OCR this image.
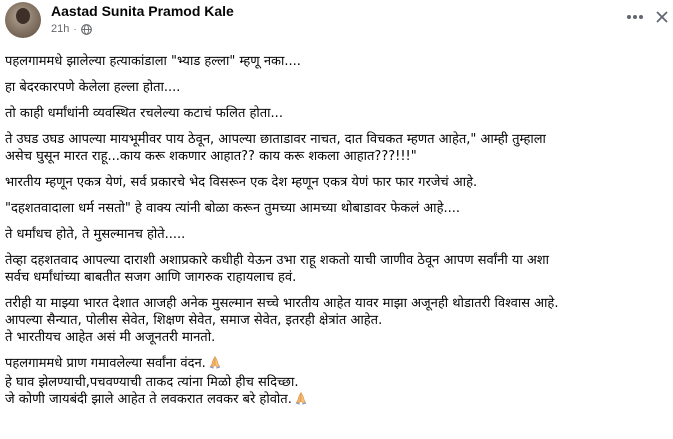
Aastad Sunita Pramod Kale
21h ·
पहलगाममधे झालेल्या हत्याकांडाला "भ्याड हल्ला" म्हणू नका....
हा बेदरकारपणे केलेला हल्ला होता....
तो काही धर्मांधांनी व्यवस्थित रचलेल्या कटाचं फलित होता...
ते उघड उघड आपल्या मायभूमीवर पाय ठेवून, आपल्या छाताडावर नाचत, दात विचकत म्हणत आहेत," आम्ही तुम्हाला
असेच घुसून मारत राहू...काय करू शकणार आहात?? काय करू शकला आहात???!!!"
भारतीय म्हणून एकत्र येणं, सर्व प्रकारचे भेद विसरून एक देश म्हणून एकत्र येणं फार फार गरजेचं आहे.
"दहशतवादाला धर्म नसतो" हे वाक्य त्यांनी बोळा करून तुमच्या आमच्या थोबाडावर फेकलं आहे....
ते धर्मांधच होते, ते मुसल्मानच होते.....
तेव्हा दहशतवाद आपल्या दाराशी अशाप्रकारे कधीही येऊन उभा राहू शकतो याची जाणीव ठेवून आपण सर्वांनी या अशा
सर्वच धर्मांधांच्या बाबतीत सजग आणि जागरुक राहायलाच हवं.
तरीही या माझ्या भारत देशात आजही अनेक मुसल्मान सच्चे भारतीय आहेत यावर माझा अजूनही थोडातरी विश्वास आहे.
आपल्या सैन्यात, पोलीस सेवेत, शिक्षण सेवेत, समाज सेवेत, इतरही क्षेत्रांत आहेत.
ते भारतीयच आहेत असं मी अजूनतरी मानतो.
पहलगाममधे प्राण गमावलेल्या सर्वांना वंदन.
हे घाव झेलण्याची,पचवण्याची ताकद त्यांना मिळो हीच सदिच्छा.
जे कोणी जायबंदी झाले आहेत ते लवकरात लवकर बरे होवोत.
